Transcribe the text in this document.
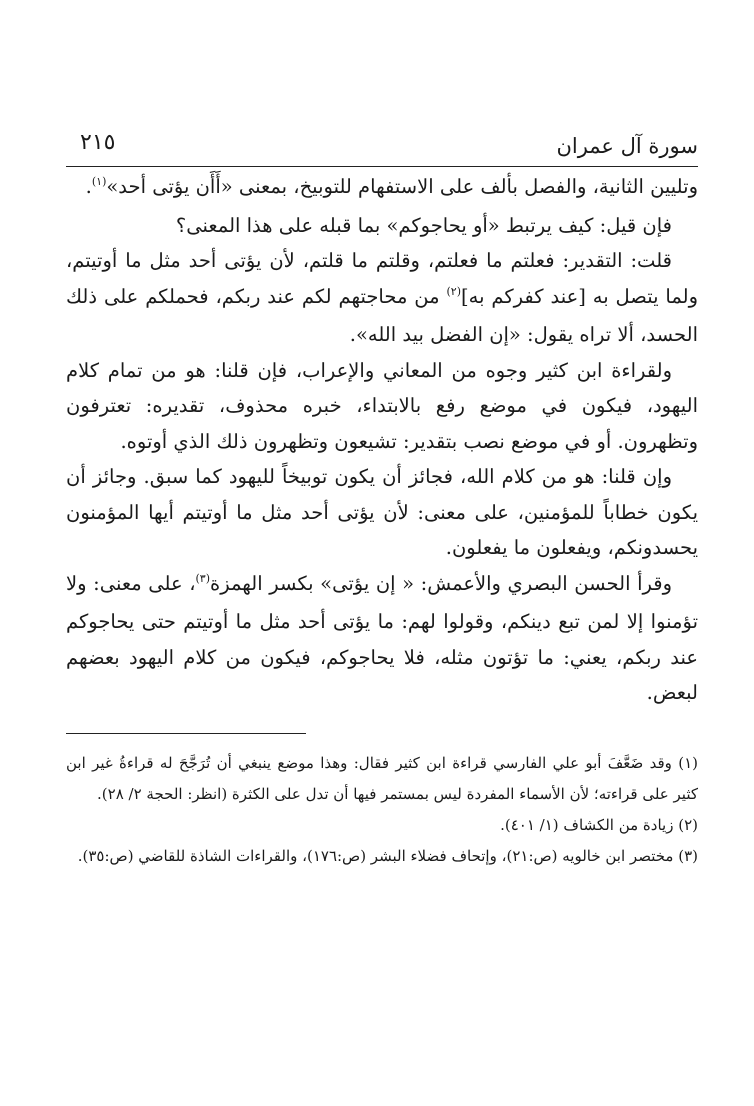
سورة آل عمران
٢١٥

وتليين الثانية، والفصل بألف على الاستفهام للتوبيخ، بمعنى «أَأَن يؤتى أحد»$^{(١)}$.

فإن قيل: كيف يرتبط «أو يحاجوكم» بما قبله على هذا المعنى؟

قلت: التقدير: فعلتم ما فعلتم، وقلتم ما قلتم، لأن يؤتى أحد مثل ما أوتيتم، ولما يتصل به [عند كفركم به]$^{(٢)}$ من محاجتهم لكم عند ربكم، فحملكم على ذلك الحسد، ألا تراه يقول: «إن الفضل بيد الله».

ولقراءة ابن كثير وجوه من المعاني والإعراب، فإن قلنا: هو من تمام كلام اليهود، فيكون في موضع رفع بالابتداء، خبره محذوف، تقديره: تعترفون وتظهرون. أو في موضع نصب بتقدير: تشيعون وتظهرون ذلك الذي أوتوه.

وإن قلنا: هو من كلام الله، فجائز أن يكون توبيخاً لليهود كما سبق. وجائز أن يكون خطاباً للمؤمنين، على معنى: لأن يؤتى أحد مثل ما أوتيتم أيها المؤمنون يحسدونكم، ويفعلون ما يفعلون.

وقرأ الحسن البصري والأعمش: « إن يؤتى» بكسر الهمزة$^{(٣)}$، على معنى: ولا تؤمنوا إلا لمن تبع دينكم، وقولوا لهم: ما يؤتى أحد مثل ما أوتيتم حتى يحاجوكم عند ربكم، يعني: ما تؤتون مثله، فلا يحاجوكم، فيكون من كلام اليهود بعضهم لبعض.

(١) وقد ضَعَّفَ أبو علي الفارسي قراءة ابن كثير فقال: وهذا موضع ينبغي أن تُرَجَّحَ له قراءةُ غير ابن كثير على قراءته؛ لأن الأسماء المفردة ليس بمستمر فيها أن تدل على الكثرة (انظر: الحجة ٢/ ٢٨).

(٢) زيادة من الكشاف (١/ ٤٠١).

(٣) مختصر ابن خالويه (ص:٢١)، وإتحاف فضلاء البشر (ص:١٧٦)، والقراءات الشاذة للقاضي (ص:٣٥).
